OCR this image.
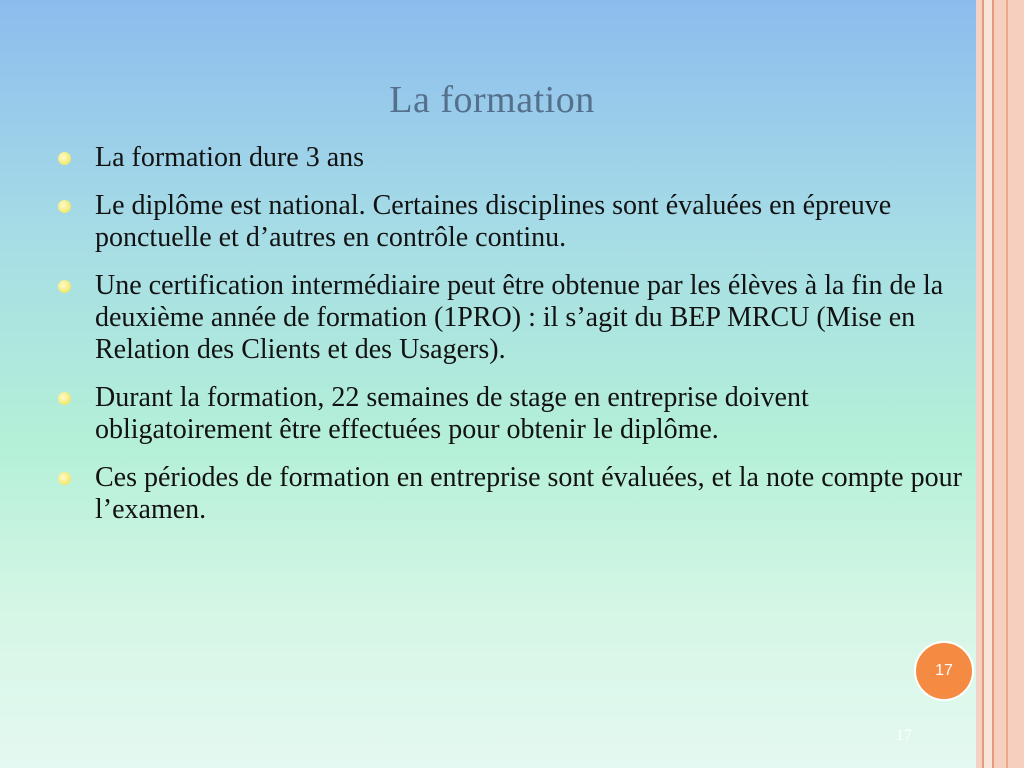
La formation
La formation dure 3 ans
Le diplôme est national. Certaines disciplines sont évaluées en épreuve ponctuelle et d’autres en contrôle continu.
Une certification intermédiaire peut être obtenue par les élèves à la fin de la deuxième année de formation (1PRO) : il s’agit du BEP MRCU (Mise en Relation des Clients et des Usagers).
Durant la formation, 22 semaines de stage en entreprise doivent obligatoirement être effectuées pour obtenir le diplôme.
Ces périodes de formation en entreprise sont évaluées, et la note compte pour l’examen.
17
17
